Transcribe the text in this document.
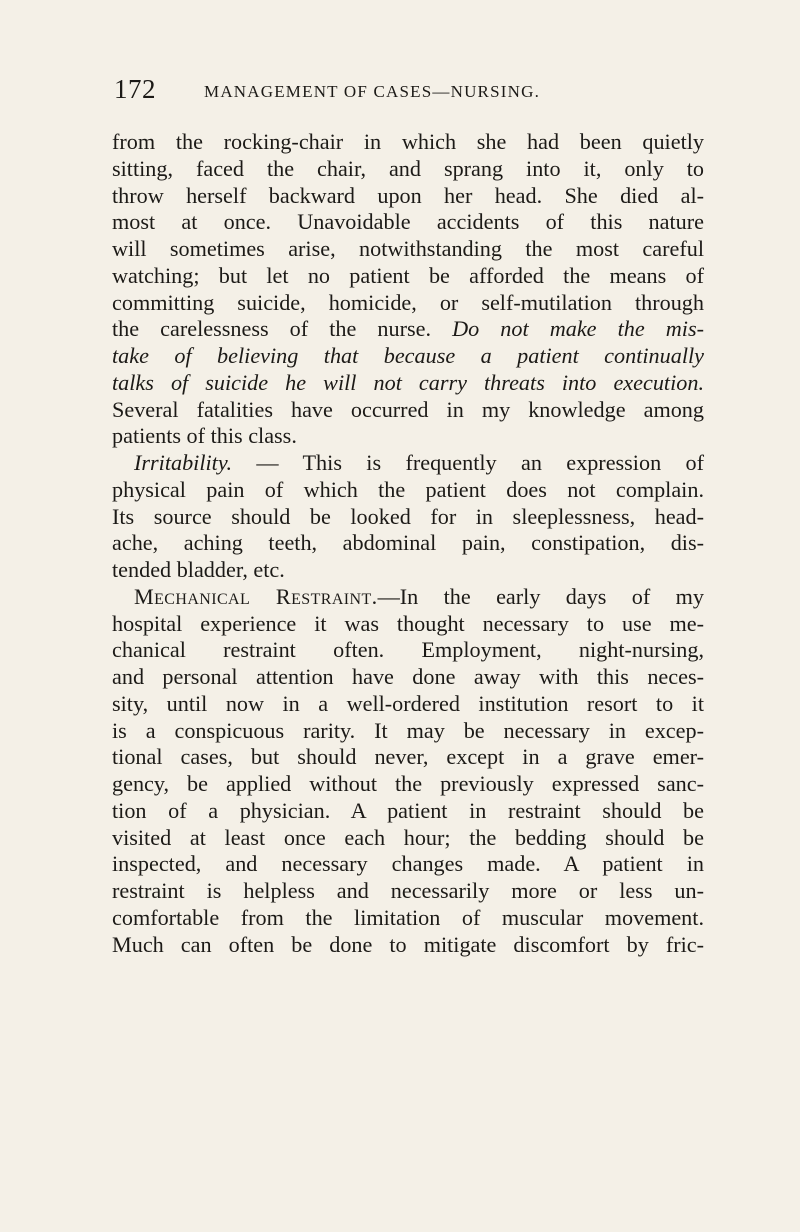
172	MANAGEMENT OF CASES—NURSING.
from the rocking-chair in which she had been quietly
sitting, faced the chair, and sprang into it, only to
throw herself backward upon her head. She died al-
most at once. Unavoidable accidents of this nature
will sometimes arise, notwithstanding the most careful
watching; but let no patient be afforded the means of
committing suicide, homicide, or self-mutilation through
the carelessness of the nurse. Do not make the mis-
take of believing that because a patient continually
talks of suicide he will not carry threats into execution.
Several fatalities have occurred in my knowledge among
patients of this class.
Irritability. — This is frequently an expression of
physical pain of which the patient does not complain.
Its source should be looked for in sleeplessness, head-
ache, aching teeth, abdominal pain, constipation, dis-
tended bladder, etc.
Mechanical Restraint.—In the early days of my
hospital experience it was thought necessary to use me-
chanical restraint often. Employment, night-nursing,
and personal attention have done away with this neces-
sity, until now in a well-ordered institution resort to it
is a conspicuous rarity. It may be necessary in excep-
tional cases, but should never, except in a grave emer-
gency, be applied without the previously expressed sanc-
tion of a physician. A patient in restraint should be
visited at least once each hour; the bedding should be
inspected, and necessary changes made. A patient in
restraint is helpless and necessarily more or less un-
comfortable from the limitation of muscular movement.
Much can often be done to mitigate discomfort by fric-
